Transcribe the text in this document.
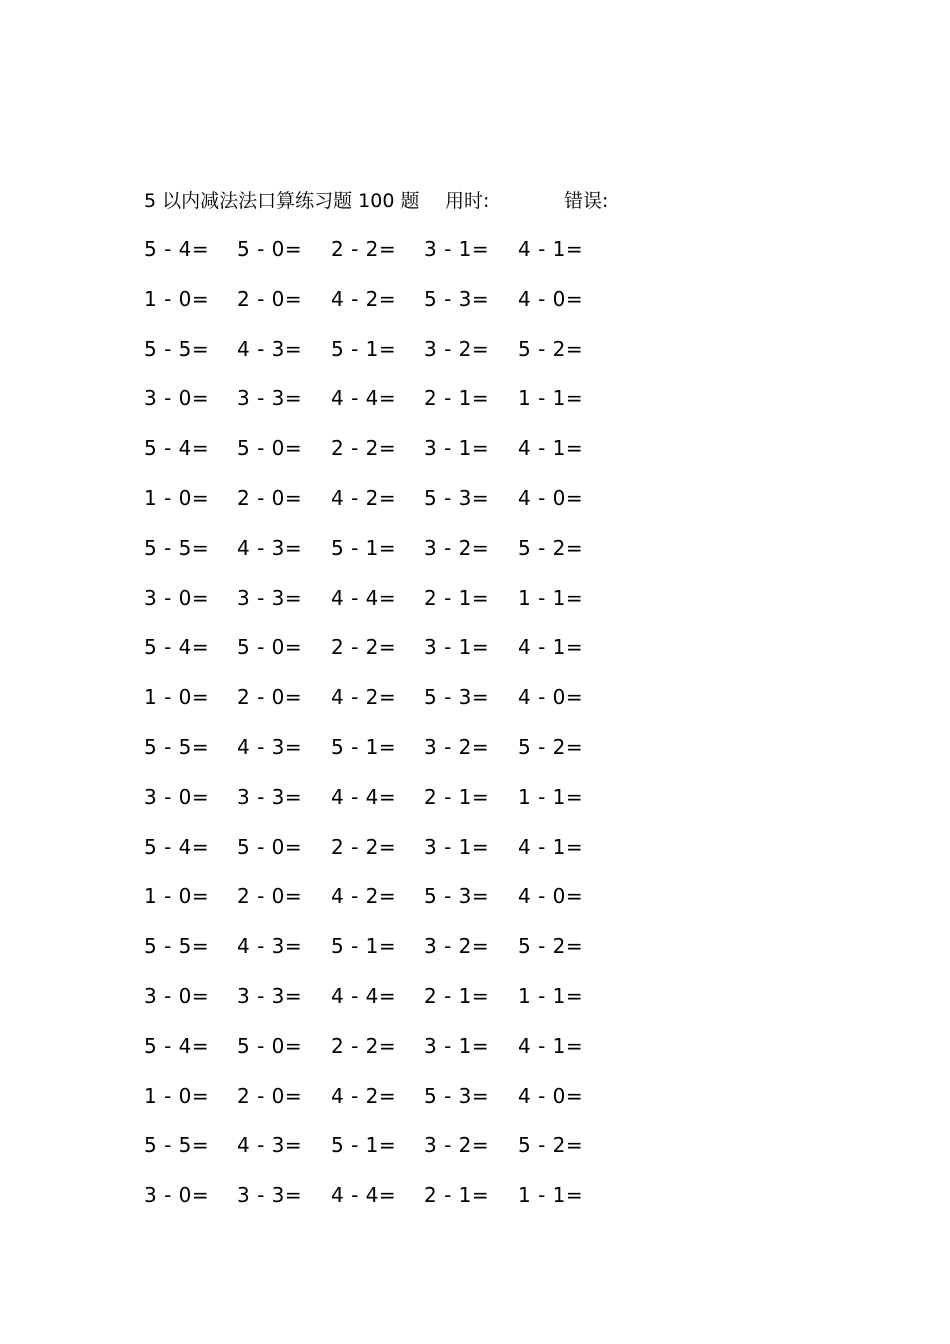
5 以内减法法口算练习题 100 题 用时:	错误:
5 - 4= 5 - 0= 2 - 2= 3 - 1= 4 - 1=
1 - 0= 2 - 0= 4 - 2= 5 - 3= 4 - 0=
5 - 5= 4 - 3= 5 - 1= 3 - 2= 5 - 2=
3 - 0= 3 - 3= 4 - 4= 2 - 1= 1 - 1=
5 - 4= 5 - 0= 2 - 2= 3 - 1= 4 - 1=
1 - 0= 2 - 0= 4 - 2= 5 - 3= 4 - 0=
5 - 5= 4 - 3= 5 - 1= 3 - 2= 5 - 2=
3 - 0= 3 - 3= 4 - 4= 2 - 1= 1 - 1=
5 - 4= 5 - 0= 2 - 2= 3 - 1= 4 - 1=
1 - 0= 2 - 0= 4 - 2= 5 - 3= 4 - 0=
5 - 5= 4 - 3= 5 - 1= 3 - 2= 5 - 2=
3 - 0= 3 - 3= 4 - 4= 2 - 1= 1 - 1=
5 - 4= 5 - 0= 2 - 2= 3 - 1= 4 - 1=
1 - 0= 2 - 0= 4 - 2= 5 - 3= 4 - 0=
5 - 5= 4 - 3= 5 - 1= 3 - 2= 5 - 2=
3 - 0= 3 - 3= 4 - 4= 2 - 1= 1 - 1=
5 - 4= 5 - 0= 2 - 2= 3 - 1= 4 - 1=
1 - 0= 2 - 0= 4 - 2= 5 - 3= 4 - 0=
5 - 5= 4 - 3= 5 - 1= 3 - 2= 5 - 2=
3 - 0= 3 - 3= 4 - 4= 2 - 1= 1 - 1=
